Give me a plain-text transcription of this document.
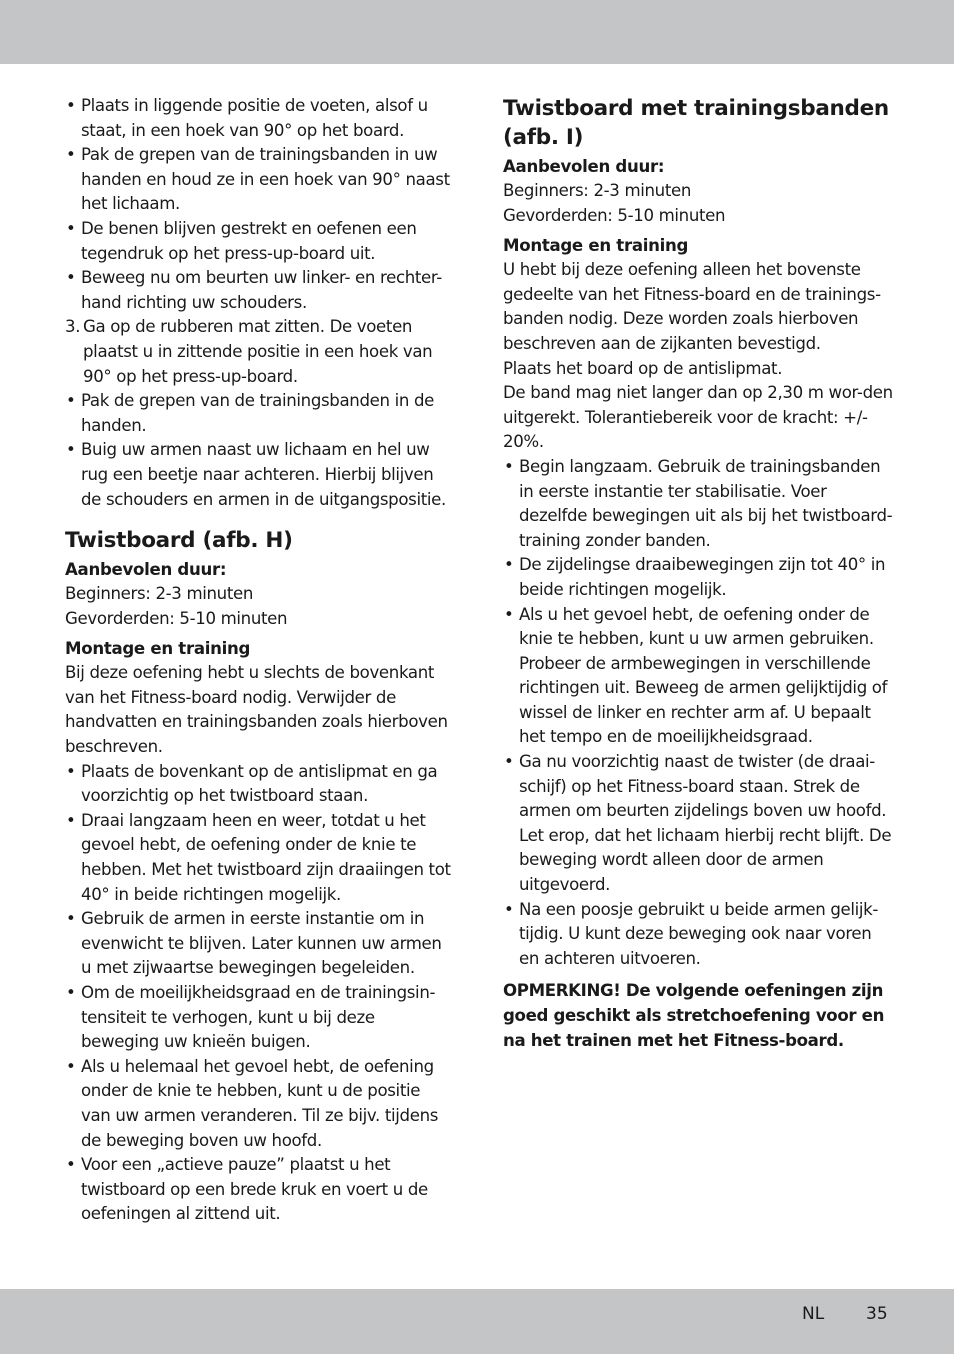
• Plaats in liggende positie de voeten, alsof u staat, in een hoek van 90° op het board.
• Pak de grepen van de trainingsbanden in uw handen en houd ze in een hoek van 90° naast het lichaam.
• De benen blijven gestrekt en oefenen een tegendruk op het press-up-board uit.
• Beweeg nu om beurten uw linker- en rechter-hand richting uw schouders.
3. Ga op de rubberen mat zitten. De voeten plaatst u in zittende positie in een hoek van 90° op het press-up-board.
• Pak de grepen van de trainingsbanden in de handen.
• Buig uw armen naast uw lichaam en hel uw rug een beetje naar achteren. Hierbij blijven de schouders en armen in de uitgangspositie.
Twistboard (afb. H)
Aanbevolen duur:

Beginners: 2-3 minuten

Gevorderden: 5-10 minuten

Montage en training

Bij deze oefening hebt u slechts de bovenkant van het Fitness-board nodig. Verwijder de handvatten en trainingsbanden zoals hierboven beschreven.

• Plaats de bovenkant op de antislipmat en ga voorzichtig op het twistboard staan.
• Draai langzaam heen en weer, totdat u het gevoel hebt, de oefening onder de knie te hebben. Met het twistboard zijn draaiingen tot 40° in beide richtingen mogelijk.
• Gebruik de armen in eerste instantie om in evenwicht te blijven. Later kunnen uw armen u met zijwaartse bewegingen begeleiden.
• Om de moeilijkheidsgraad en de trainingsin-tensiteit te verhogen, kunt u bij deze beweging uw knieën buigen.
• Als u helemaal het gevoel hebt, de oefening onder de knie te hebben, kunt u de positie van uw armen veranderen. Til ze bijv. tijdens de beweging boven uw hoofd.
• Voor een „actieve pauze” plaatst u het twistboard op een brede kruk en voert u de oefeningen al zittend uit.
Twistboard met trainingsbanden (afb. I)
Aanbevolen duur:

Beginners: 2-3 minuten

Gevorderden: 5-10 minuten

Montage en training

U hebt bij deze oefening alleen het bovenste gedeelte van het Fitness-board en de trainings-banden nodig. Deze worden zoals hierboven beschreven aan de zijkanten bevestigd.

Plaats het board op de antislipmat.

De band mag niet langer dan op 2,30 m wor-den uitgerekt. Tolerantiebereik voor de kracht: +/- 20%.

• Begin langzaam. Gebruik de trainingsbanden in eerste instantie ter stabilisatie. Voer dezelfde bewegingen uit als bij het twistboard-training zonder banden.
• De zijdelingse draaibewegingen zijn tot 40° in beide richtingen mogelijk.
• Als u het gevoel hebt, de oefening onder de knie te hebben, kunt u uw armen gebruiken. Probeer de armbewegingen in verschillende richtingen uit. Beweeg de armen gelijktijdig of wissel de linker en rechter arm af. U bepaalt het tempo en de moeilijkheidsgraad.
• Ga nu voorzichtig naast de twister (de draai-schijf) op het Fitness-board staan. Strek de armen om beurten zijdelings boven uw hoofd. Let erop, dat het lichaam hierbij recht blijft. De beweging wordt alleen door de armen uitgevoerd.
• Na een poosje gebruikt u beide armen gelijk-tijdig. U kunt deze beweging ook naar voren en achteren uitvoeren.

OPMERKING! De volgende oefeningen zijn goed geschikt als stretchoefening voor en na het trainen met het Fitness-board.

NL 35
